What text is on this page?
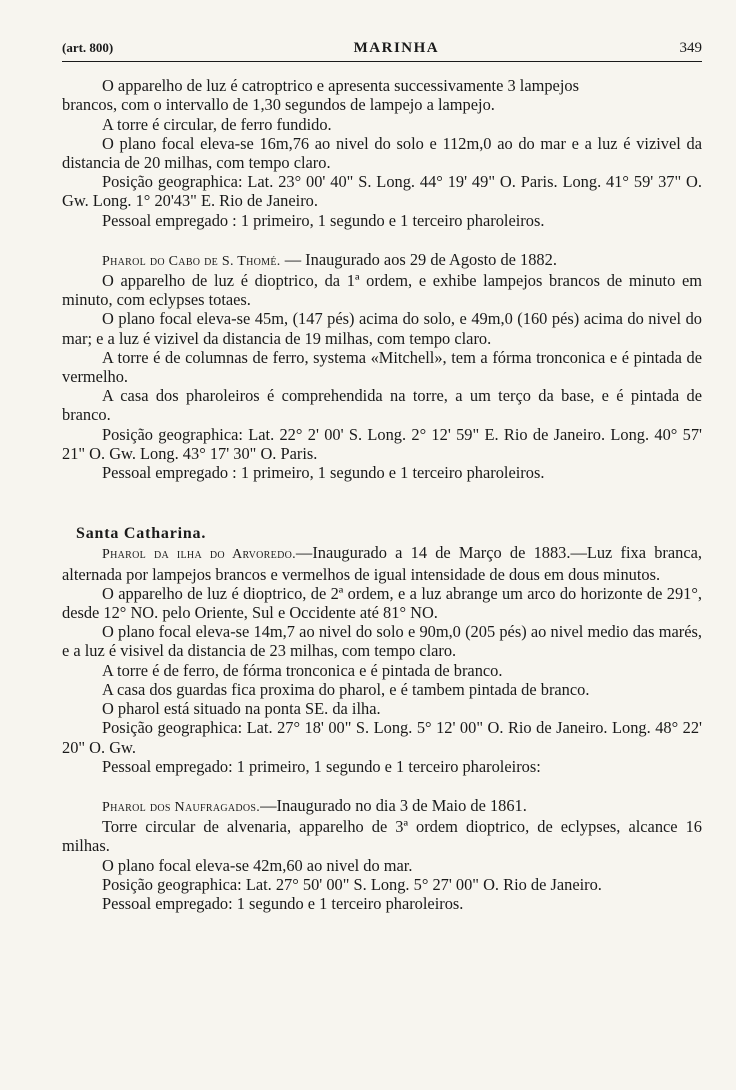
(art. 800)	MARINHA	349

O apparelho de luz é catroptrico e apresenta successivamente 3 lampejos

brancos, com o intervallo de 1,30 segundos de lampejo a lampejo.

A torre é circular, de ferro fundido.

O plano focal eleva-se 16m,76 ao nivel do solo e 112m,0 ao do mar e a luz é vizivel da distancia de 20 milhas, com tempo claro.

Posição geographica: Lat. 23° 00' 40" S. Long. 44° 19' 49" O. Paris. Long. 41° 59' 37" O. Gw. Long. 1° 20'43" E. Rio de Janeiro.

Pessoal empregado : 1 primeiro, 1 segundo e 1 terceiro pharoleiros.

Pharol do Cabo de S. Thomé. — Inaugurado aos 29 de Agosto de 1882.

O apparelho de luz é dioptrico, da 1ª ordem, e exhibe lampejos brancos de minuto em minuto, com eclypses totaes.

O plano focal eleva-se 45m, (147 pés) acima do solo, e 49m,0 (160 pés) acima do nivel do mar; e a luz é vizivel da distancia de 19 milhas, com tempo claro.

A torre é de columnas de ferro, systema «Mitchell», tem a fórma tronconica e é pintada de vermelho.

A casa dos pharoleiros é comprehendida na torre, a um terço da base, e é pintada de branco.

Posição geographica: Lat. 22° 2' 00' S. Long. 2° 12' 59" E. Rio de Janeiro. Long. 40° 57' 21" O. Gw. Long. 43° 17' 30" O. Paris.

Pessoal empregado : 1 primeiro, 1 segundo e 1 terceiro pharoleiros.

Santa Catharina.

Pharol da ilha do Arvoredo.—Inaugurado a 14 de Março de 1883.—Luz fixa branca, alternada por lampejos brancos e vermelhos de igual intensidade de dous em dous minutos.

O apparelho de luz é dioptrico, de 2ª ordem, e a luz abrange um arco do horizonte de 291°, desde 12° NO. pelo Oriente, Sul e Occidente até 81° NO.

O plano focal eleva-se 14m,7 ao nivel do solo e 90m,0 (205 pés) ao nivel medio das marés, e a luz é visivel da distancia de 23 milhas, com tempo claro.

A torre é de ferro, de fórma tronconica e é pintada de branco.

A casa dos guardas fica proxima do pharol, e é tambem pintada de branco.

O pharol está situado na ponta SE. da ilha.

Posição geographica: Lat. 27° 18' 00" S. Long. 5° 12' 00" O. Rio de Janeiro. Long. 48° 22' 20" O. Gw.

Pessoal empregado: 1 primeiro, 1 segundo e 1 terceiro pharoleiros:

Pharol dos Naufragados.—Inaugurado no dia 3 de Maio de 1861.

Torre circular de alvenaria, apparelho de 3ª ordem dioptrico, de eclypses, alcance 16 milhas.

O plano focal eleva-se 42m,60 ao nivel do mar.

Posição geographica: Lat. 27° 50' 00" S. Long. 5° 27' 00" O. Rio de Janeiro.

Pessoal empregado: 1 segundo e 1 terceiro pharoleiros.
